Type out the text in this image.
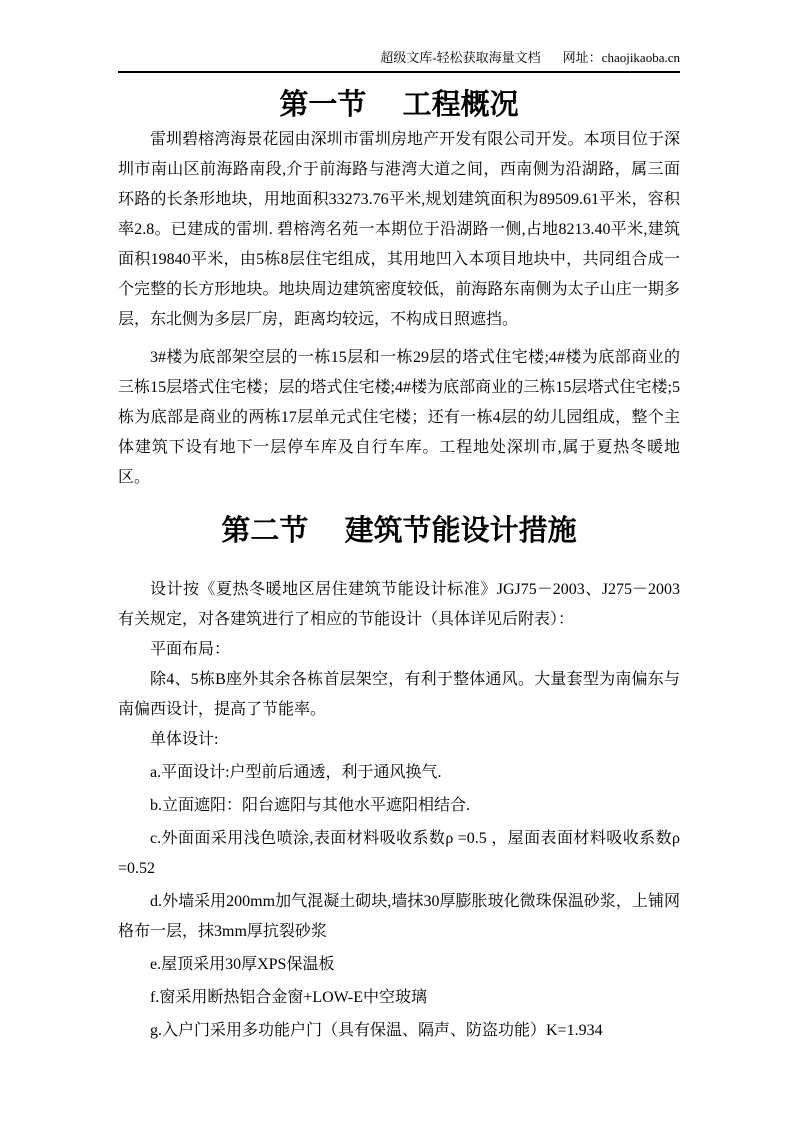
超级文库-轻松获取海量文档 网址：chaojikaoba.cn
第一节　 工程概况

雷圳碧榕湾海景花园由深圳市雷圳房地产开发有限公司开发。本项目位于深圳市南山区前海路南段,介于前海路与港湾大道之间，西南侧为沿湖路，属三面环路的长条形地块，用地面积33273.76平米,规划建筑面积为89509.61平米，容积率2.8。已建成的雷圳. 碧榕湾名苑一本期位于沿湖路一侧,占地8213.40平米,建筑面积19840平米，由5栋8层住宅组成，其用地凹入本项目地块中，共同组合成一个完整的长方形地块。地块周边建筑密度较低，前海路东南侧为太子山庄一期多层，东北侧为多层厂房，距离均较远，不构成日照遮挡。

3#楼为底部架空层的一栋15层和一栋29层的塔式住宅楼;4#楼为底部商业的三栋15层塔式住宅楼；层的塔式住宅楼;4#楼为底部商业的三栋15层塔式住宅楼;5栋为底部是商业的两栋17层单元式住宅楼；还有一栋4层的幼儿园组成，整个主体建筑下设有地下一层停车库及自行车库。工程地处深圳市,属于夏热冬暖地区。

第二节　 建筑节能设计措施

设计按《夏热冬暖地区居住建筑节能设计标准》JGJ75－2003、J275－2003有关规定，对各建筑进行了相应的节能设计（具体详见后附表）：

平面布局：

除4、5栋B座外其余各栋首层架空，有利于整体通风。大量套型为南偏东与南偏西设计，提高了节能率。

单体设计:

a.平面设计:户型前后通透，利于通风换气.

b.立面遮阳：阳台遮阳与其他水平遮阳相结合.

c.外面面采用浅色喷涂,表面材料吸收系数ρ =0.5 ，屋面表面材料吸收系数ρ =0.52

d.外墙采用200mm加气混凝土砌块,墙抹30厚膨胀玻化微珠保温砂浆，上铺网格布一层，抹3mm厚抗裂砂浆

e.屋顶采用30厚XPS保温板

f.窗采用断热铝合金窗+LOW-E中空玻璃

g.入户门采用多功能户门（具有保温、隔声、防盗功能）K=1.934
